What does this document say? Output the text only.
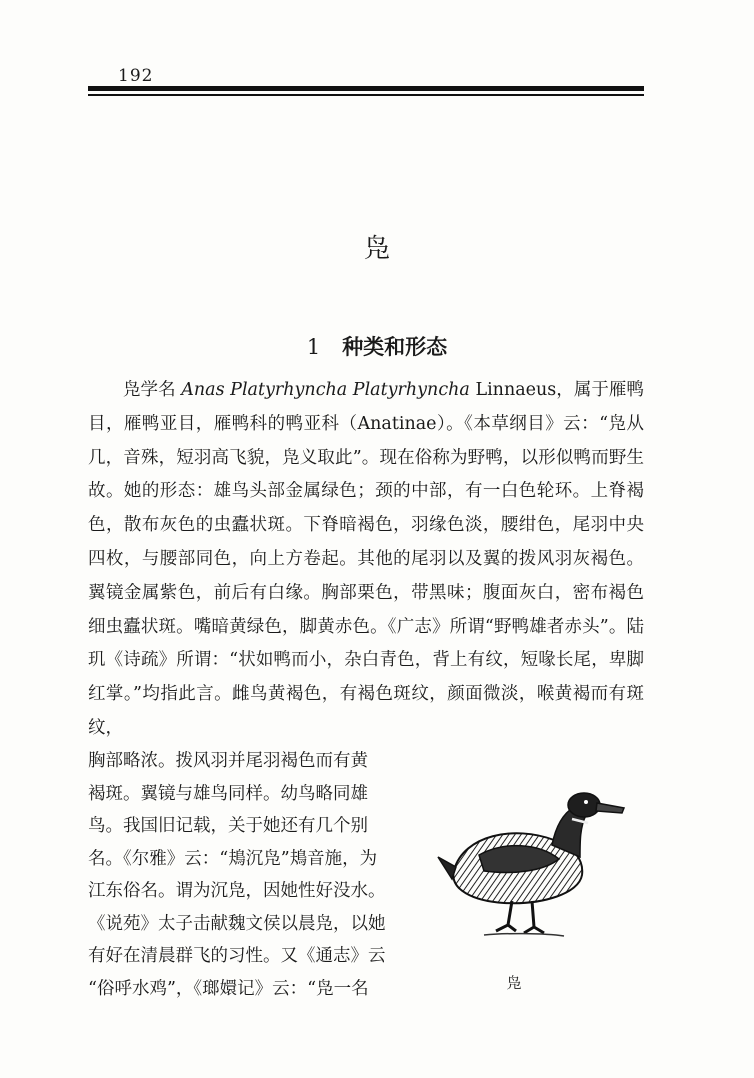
192
凫
1 种类和形态

凫学名 Anas Platyrhyncha Platyrhyncha Linnaeus，属于雁鸭目，雁鸭亚目，雁鸭科的鸭亚科（Anatinae）。《本草纲目》云：“凫从几，音殊，短羽高飞貌，凫义取此”。现在俗称为野鸭，以形似鸭而野生故。她的形态：雄鸟头部金属绿色；颈的中部，有一白色轮环。上脊褐色，散布灰色的虫蠹状斑。下脊暗褐色，羽缘色淡，腰绀色，尾羽中央四枚，与腰部同色，向上方卷起。其他的尾羽以及翼的拨风羽灰褐色。翼镜金属紫色，前后有白缘。胸部栗色，带黑味；腹面灰白，密布褐色细虫蠹状斑。嘴暗黄绿色，脚黄赤色。《广志》所谓“野鸭雄者赤头”。陆玑《诗疏》所谓：“状如鸭而小，杂白青色，背上有纹，短喙长尾，卑脚红掌。”均指此言。雌鸟黄褐色，有褐色斑纹，颜面微淡，喉黄褐而有斑纹，

胸部略浓。拨风羽并尾羽褐色而有黄
褐斑。翼镜与雄鸟同样。幼鸟略同雄
鸟。我国旧记载，关于她还有几个别
名。《尔雅》云：“鳺沉凫”鳺音施，为
江东俗名。谓为沉凫，因她性好没水。
《说苑》太子击献魏文侯以晨凫，以她
有好在清晨群飞的习性。又《通志》云
“俗呼水鸡”，《瑯嬛记》云：“凫一名	凫
